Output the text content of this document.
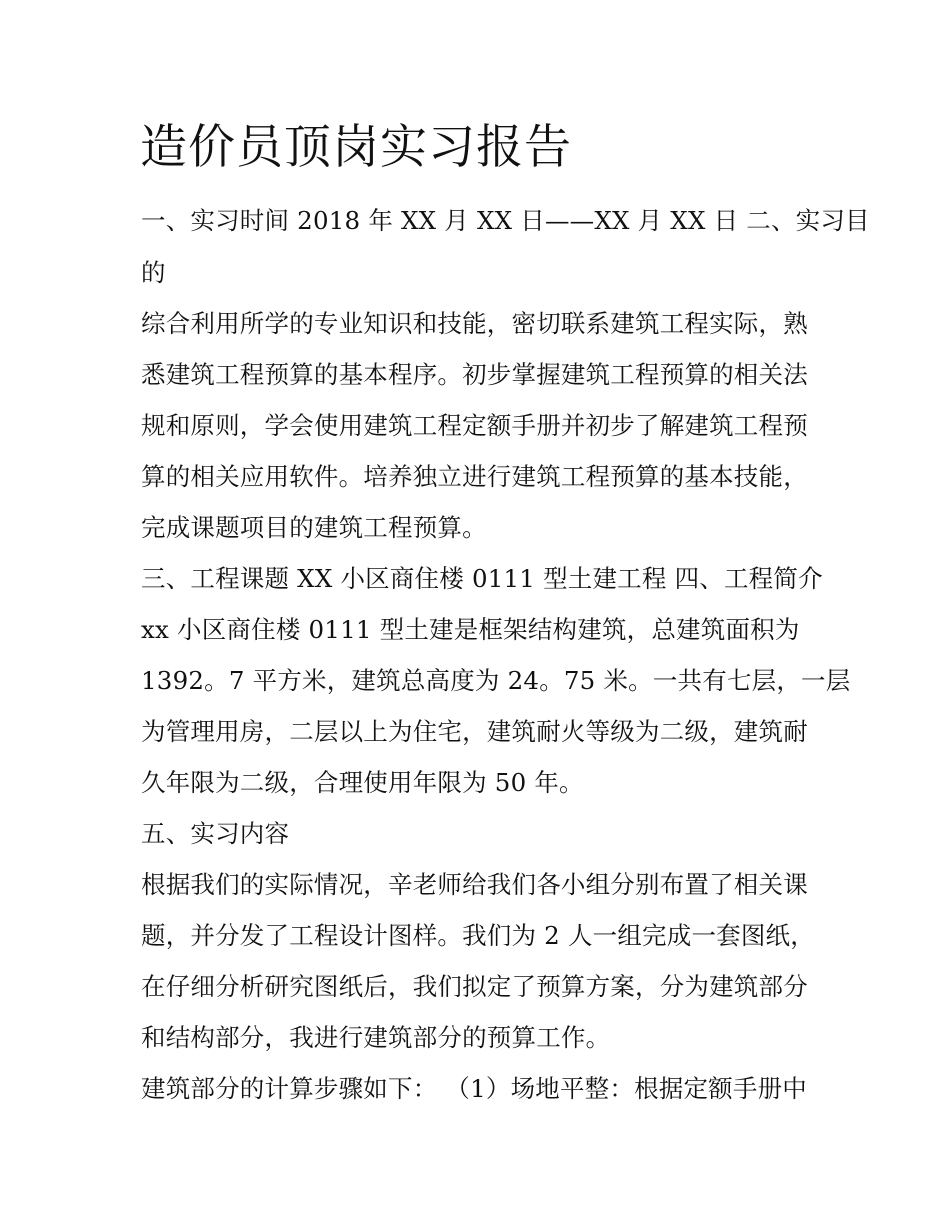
造价员顶岗实习报告
一、实习时间 2018 年 XX 月 XX 日——XX 月 XX 日 二、实习目
的
综合利用所学的专业知识和技能，密切联系建筑工程实际，熟
悉建筑工程预算的基本程序。初步掌握建筑工程预算的相关法
规和原则，学会使用建筑工程定额手册并初步了解建筑工程预
算的相关应用软件。培养独立进行建筑工程预算的基本技能，
完成课题项目的建筑工程预算。
三、工程课题 XX 小区商住楼 0111 型土建工程 四、工程简介
xx 小区商住楼 0111 型土建是框架结构建筑，总建筑面积为
1392。7 平方米，建筑总高度为 24。75 米。一共有七层，一层
为管理用房，二层以上为住宅，建筑耐火等级为二级，建筑耐
久年限为二级，合理使用年限为 50 年。
五、实习内容
根据我们的实际情况，辛老师给我们各小组分别布置了相关课
题，并分发了工程设计图样。我们为 2 人一组完成一套图纸，
在仔细分析研究图纸后，我们拟定了预算方案，分为建筑部分
和结构部分，我进行建筑部分的预算工作。
建筑部分的计算步骤如下： （1）场地平整：根据定额手册中
